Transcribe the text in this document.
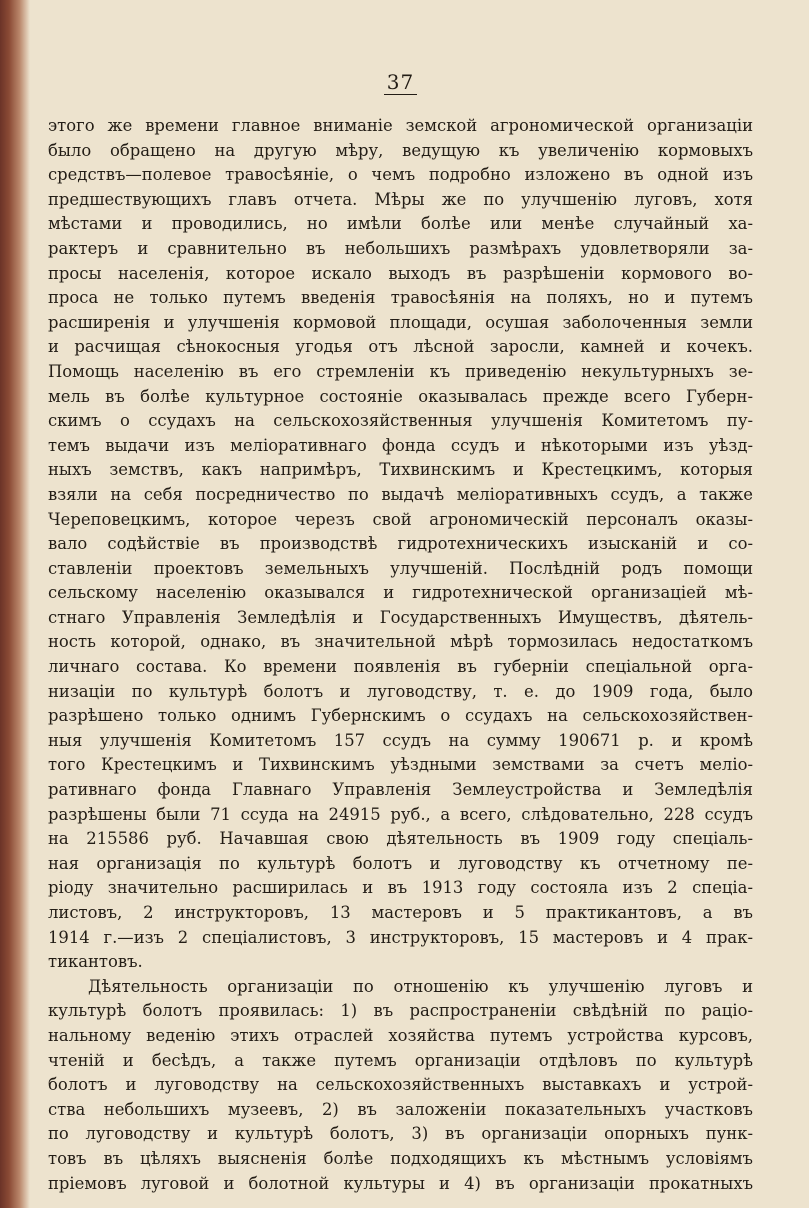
37
этого же времени главное вниманіе земской агрономической организаціи
было обращено на другую мѣру, ведущую къ увеличенію кормовыхъ
средствъ—полевое травосѣяніе, о чемъ подробно изложено въ одной изъ
предшествующихъ главъ отчета. Мѣры же по улучшенію луговъ, хотя
мѣстами и проводились, но имѣли болѣе или менѣе случайный ха-
рактеръ и сравнительно въ небольшихъ размѣрахъ удовлетворяли за-
просы населенія, которое искало выходъ въ разрѣшеніи кормового во-
проса не только путемъ введенія травосѣянія на поляхъ, но и путемъ
расширенія и улучшенія кормовой площади, осушая заболоченныя земли
и расчищая сѣнокосныя угодья отъ лѣсной заросли, камней и кочекъ.
Помощь населенію въ его стремленіи къ приведенію некультурныхъ зе-
мель въ болѣе культурное состояніе оказывалась прежде всего Губерн-
скимъ о ссудахъ на сельскохозяйственныя улучшенія Комитетомъ пу-
темъ выдачи изъ меліоративнаго фонда ссудъ и нѣкоторыми изъ уѣзд-
ныхъ земствъ, какъ напримѣръ, Тихвинскимъ и Крестецкимъ, которыя
взяли на себя посредничество по выдачѣ меліоративныхъ ссудъ, а также
Череповецкимъ, которое черезъ свой агрономическій персоналъ оказы-
вало содѣйствіе въ производствѣ гидротехническихъ изысканій и со-
ставленіи проектовъ земельныхъ улучшеній. Послѣдній родъ помощи
сельскому населенію оказывался и гидротехнической организаціей мѣ-
стнаго Управленія Земледѣлія и Государственныхъ Имуществъ, дѣятель-
ность которой, однако, въ значительной мѣрѣ тормозилась недостаткомъ
личнаго состава. Ко времени появленія въ губерніи спеціальной орга-
низаціи по культурѣ болотъ и луговодству, т. е. до 1909 года, было
разрѣшено только однимъ Губернскимъ о ссудахъ на сельскохозяйствен-
ныя улучшенія Комитетомъ 157 ссудъ на сумму 190671 р. и кромѣ
того Крестецкимъ и Тихвинскимъ уѣздными земствами за счетъ меліо-
ративнаго фонда Главнаго Управленія Землеустройства и Земледѣлія
разрѣшены были 71 ссуда на 24915 руб., а всего, слѣдовательно, 228 ссудъ
на 215586 руб. Начавшая свою дѣятельность въ 1909 году спеціаль-
ная организація по культурѣ болотъ и луговодству къ отчетному пе-
ріоду значительно расширилась и въ 1913 году состояла изъ 2 спеціа-
листовъ, 2 инструкторовъ, 13 мастеровъ и 5 практикантовъ, а въ
1914 г.—изъ 2 спеціалистовъ, 3 инструкторовъ, 15 мастеровъ и 4 прак-
тикантовъ.
Дѣятельность организаціи по отношенію къ улучшенію луговъ и
культурѣ болотъ проявилась: 1) въ распространеніи свѣдѣній по раціо-
нальному веденію этихъ отраслей хозяйства путемъ устройства курсовъ,
чтеній и бесѣдъ, а также путемъ организаціи отдѣловъ по культурѣ
болотъ и луговодству на сельскохозяйственныхъ выставкахъ и устрой-
ства небольшихъ музеевъ, 2) въ заложеніи показательныхъ участковъ
по луговодству и культурѣ болотъ, 3) въ организаціи опорныхъ пунк-
товъ въ цѣляхъ выясненія болѣе подходящихъ къ мѣстнымъ условіямъ
пріемовъ луговой и болотной культуры и 4) въ организаціи прокатныхъ
